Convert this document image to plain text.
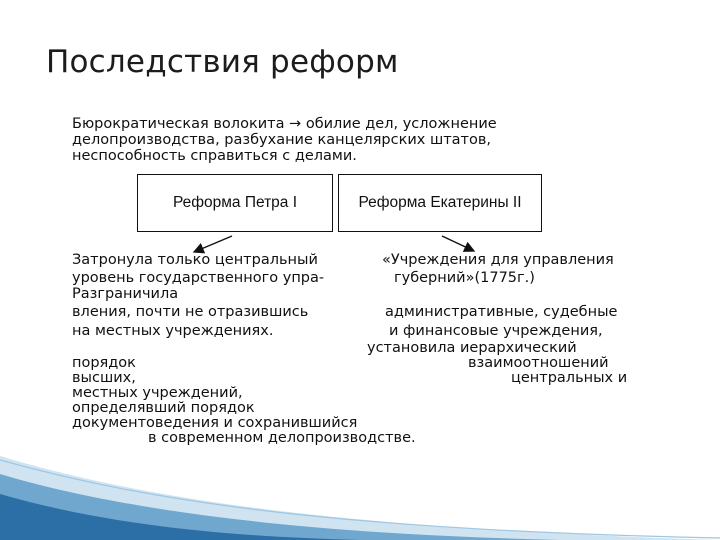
Последствия реформ
Бюрократическая волокита → обилие дел, усложнение
делопроизводства, разбухание канцелярских штатов,
неспособность справиться с делами.
Реформа Петра I	Реформа Екатерины II
Затронула только центральный
уровень государственного упра-
Разграничила
вления, почти не отразившись
на местных учреждениях.
«Учреждения для управления
губерний»(1775г.)
административные, судебные
и финансовые учреждения,
установила иерархический
взаимоотношений
центральных и
порядок
высших,
местных учреждений,
определявший порядок
документоведения и сохранившийся
в современном делопроизводстве.
